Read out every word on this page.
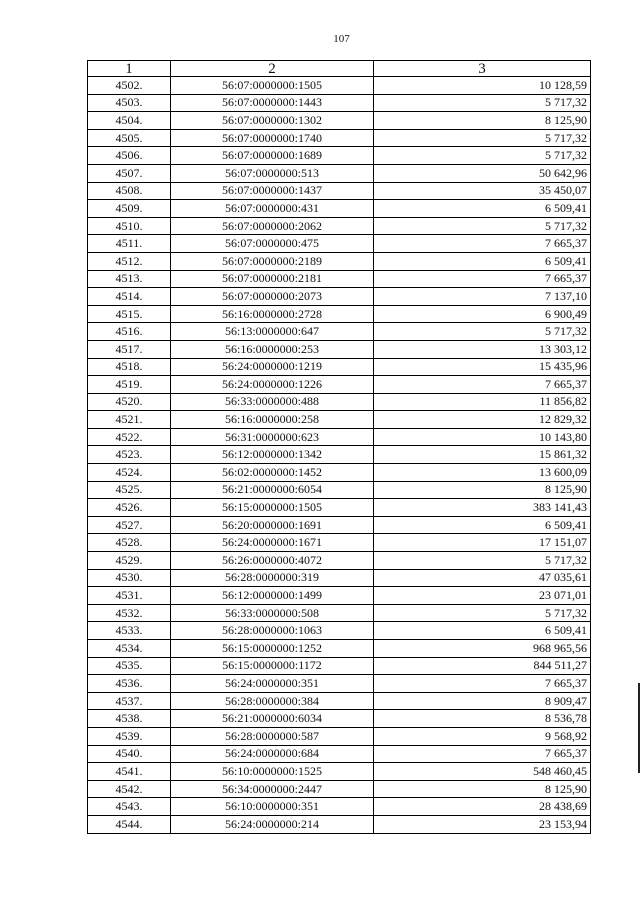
107
1	2	3
4502.	56:07:0000000:1505	10 128,59
4503.	56:07:0000000:1443	5 717,32
4504.	56:07:0000000:1302	8 125,90
4505.	56:07:0000000:1740	5 717,32
4506.	56:07:0000000:1689	5 717,32
4507.	56:07:0000000:513	50 642,96
4508.	56:07:0000000:1437	35 450,07
4509.	56:07:0000000:431	6 509,41
4510.	56:07:0000000:2062	5 717,32
4511.	56:07:0000000:475	7 665,37
4512.	56:07:0000000:2189	6 509,41
4513.	56:07:0000000:2181	7 665,37
4514.	56:07:0000000:2073	7 137,10
4515.	56:16:0000000:2728	6 900,49
4516.	56:13:0000000:647	5 717,32
4517.	56:16:0000000:253	13 303,12
4518.	56:24:0000000:1219	15 435,96
4519.	56:24:0000000:1226	7 665,37
4520.	56:33:0000000:488	11 856,82
4521.	56:16:0000000:258	12 829,32
4522.	56:31:0000000:623	10 143,80
4523.	56:12:0000000:1342	15 861,32
4524.	56:02:0000000:1452	13 600,09
4525.	56:21:0000000:6054	8 125,90
4526.	56:15:0000000:1505	383 141,43
4527.	56:20:0000000:1691	6 509,41
4528.	56:24:0000000:1671	17 151,07
4529.	56:26:0000000:4072	5 717,32
4530.	56:28:0000000:319	47 035,61
4531.	56:12:0000000:1499	23 071,01
4532.	56:33:0000000:508	5 717,32
4533.	56:28:0000000:1063	6 509,41
4534.	56:15:0000000:1252	968 965,56
4535.	56:15:0000000:1172	844 511,27
4536.	56:24:0000000:351	7 665,37
4537.	56:28:0000000:384	8 909,47
4538.	56:21:0000000:6034	8 536,78
4539.	56:28:0000000:587	9 568,92
4540.	56:24:0000000:684	7 665,37
4541.	56:10:0000000:1525	548 460,45
4542.	56:34:0000000:2447	8 125,90
4543.	56:10:0000000:351	28 438,69
4544.	56:24:0000000:214	23 153,94
